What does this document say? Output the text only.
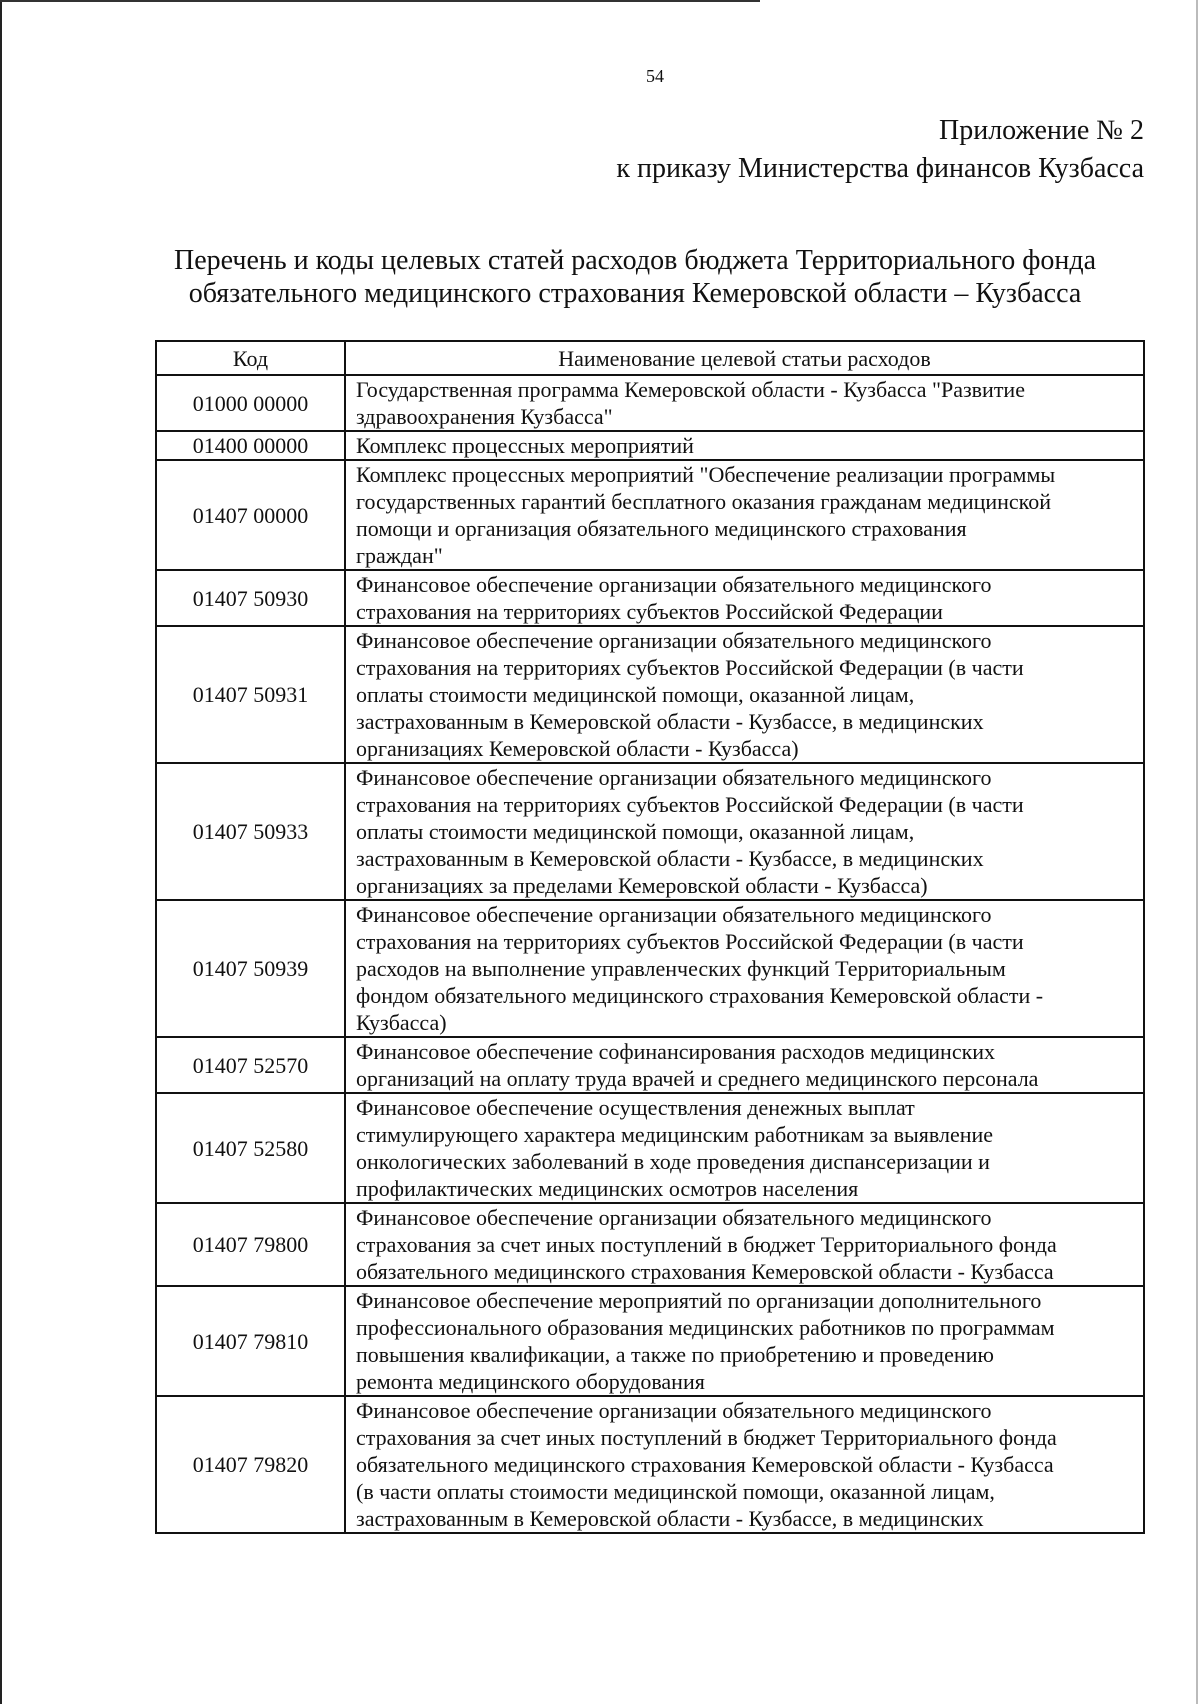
54
Приложение № 2
к приказу Министерства финансов Кузбасса
Перечень и коды целевых статей расходов бюджета Территориального фонда
обязательного медицинского страхования Кемеровской области – Кузбасса
Код	Наименование целевой статьи расходов
01000 00000	Государственная программа Кемеровской области - Кузбасса "Развитие
здравоохранения Кузбасса"

01400 00000	Комплекс процессных мероприятий

01407 00000	Комплекс процессных мероприятий "Обеспечение реализации программы
государственных гарантий бесплатного оказания гражданам медицинской
помощи и организация обязательного медицинского страхования
граждан"

01407 50930	Финансовое обеспечение организации обязательного медицинского
страхования на территориях субъектов Российской Федерации

01407 50931	Финансовое обеспечение организации обязательного медицинского
страхования на территориях субъектов Российской Федерации (в части
оплаты стоимости медицинской помощи, оказанной лицам,
застрахованным в Кемеровской области - Кузбассе, в медицинских
организациях Кемеровской области - Кузбасса)

01407 50933	Финансовое обеспечение организации обязательного медицинского
страхования на территориях субъектов Российской Федерации (в части
оплаты стоимости медицинской помощи, оказанной лицам,
застрахованным в Кемеровской области - Кузбассе, в медицинских
организациях за пределами Кемеровской области - Кузбасса)

01407 50939	Финансовое обеспечение организации обязательного медицинского
страхования на территориях субъектов Российской Федерации (в части
расходов на выполнение управленческих функций Территориальным
фондом обязательного медицинского страхования Кемеровской области -
Кузбасса)

01407 52570	Финансовое обеспечение софинансирования расходов медицинских
организаций на оплату труда врачей и среднего медицинского персонала

01407 52580	Финансовое обеспечение осуществления денежных выплат
стимулирующего характера медицинским работникам за выявление
онкологических заболеваний в ходе проведения диспансеризации и
профилактических медицинских осмотров населения

01407 79800	Финансовое обеспечение организации обязательного медицинского
страхования за счет иных поступлений в бюджет Территориального фонда
обязательного медицинского страхования Кемеровской области - Кузбасса

01407 79810	Финансовое обеспечение мероприятий по организации дополнительного
профессионального образования медицинских работников по программам
повышения квалификации, а также по приобретению и проведению
ремонта медицинского оборудования

01407 79820	Финансовое обеспечение организации обязательного медицинского
страхования за счет иных поступлений в бюджет Территориального фонда
обязательного медицинского страхования Кемеровской области - Кузбасса
(в части оплаты стоимости медицинской помощи, оказанной лицам,
застрахованным в Кемеровской области - Кузбассе, в медицинских
